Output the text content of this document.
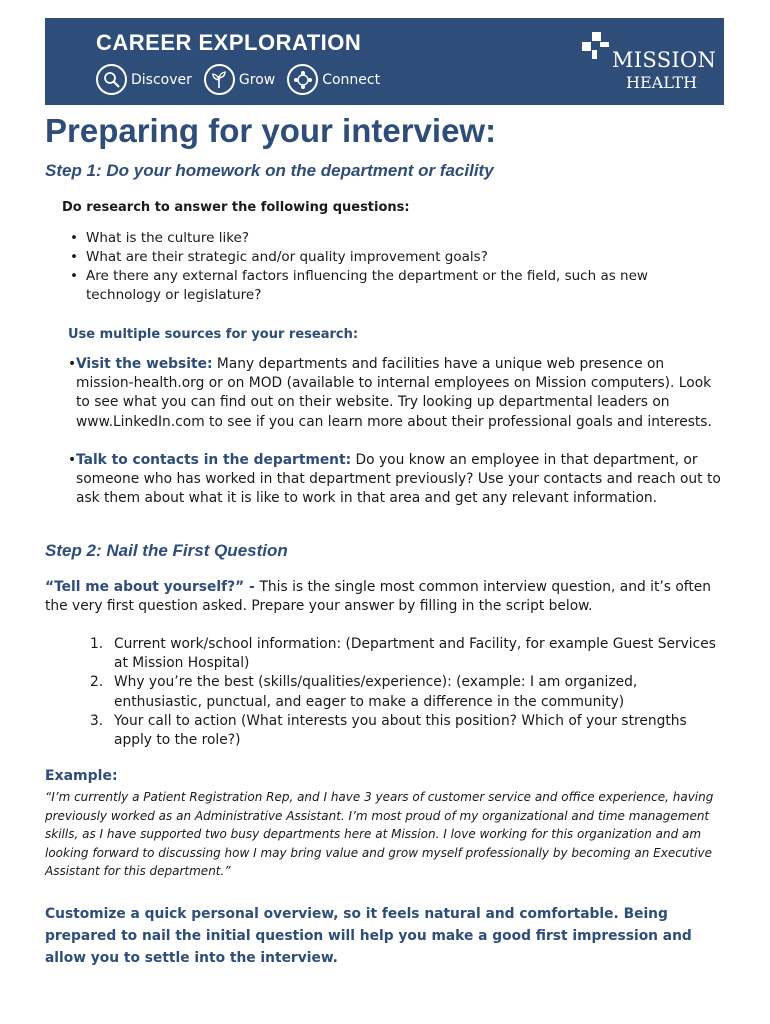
CAREER EXPLORATION
Discover	Grow	Connect
MISSION
HEALTH
Preparing for your interview:
Step 1: Do your homework on the department or facility
Do research to answer the following questions:
• What is the culture like?
• What are their strategic and/or quality improvement goals?
• Are there any external factors influencing the department or the field, such as new technology or legislature?
Use multiple sources for your research:
• Visit the website: Many departments and facilities have a unique web presence on mission-health.org or on MOD (available to internal employees on Mission computers). Look to see what you can find out on their website. Try looking up departmental leaders on www.LinkedIn.com to see if you can learn more about their professional goals and interests.
• Talk to contacts in the department: Do you know an employee in that department, or someone who has worked in that department previously? Use your contacts and reach out to ask them about what it is like to work in that area and get any relevant information.
Step 2: Nail the First Question
“Tell me about yourself?” - This is the single most common interview question, and it’s often the very first question asked. Prepare your answer by filling in the script below.
1. Current work/school information: (Department and Facility, for example Guest Services at Mission Hospital)
2. Why you’re the best (skills/qualities/experience): (example: I am organized, enthusiastic, punctual, and eager to make a difference in the community)
3. Your call to action (What interests you about this position? Which of your strengths apply to the role?)
Example:
“I’m currently a Patient Registration Rep, and I have 3 years of customer service and office experience, having previously worked as an Administrative Assistant. I’m most proud of my organizational and time management skills, as I have supported two busy departments here at Mission. I love working for this organization and am looking forward to discussing how I may bring value and grow myself professionally by becoming an Executive Assistant for this department.”
Customize a quick personal overview, so it feels natural and comfortable. Being prepared to nail the initial question will help you make a good first impression and allow you to settle into the interview.
